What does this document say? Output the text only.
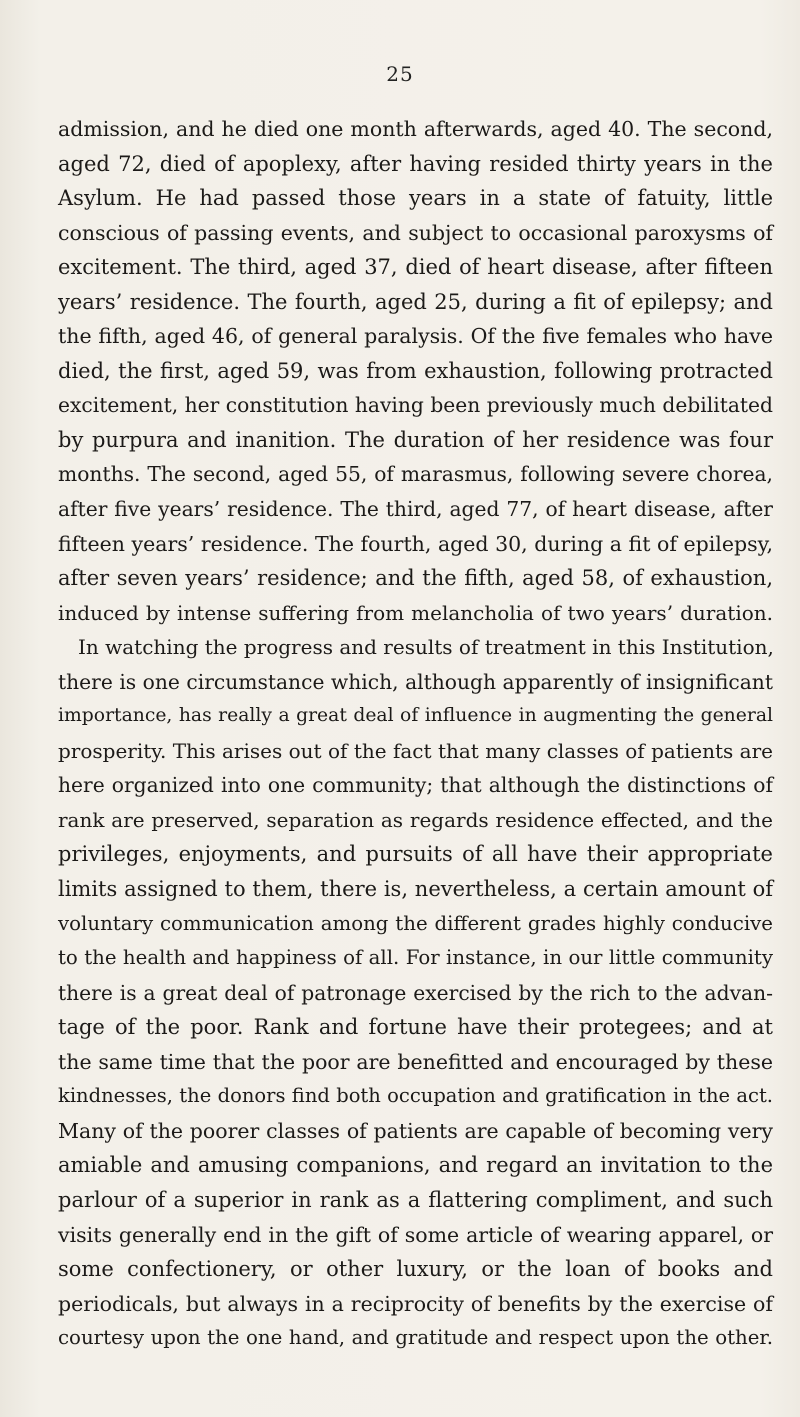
25
admission, and he died one month afterwards, aged 40. The second,
aged 72, died of apoplexy, after having resided thirty years in the
Asylum. He had passed those years in a state of fatuity, little
conscious of passing events, and subject to occasional paroxysms of
excitement. The third, aged 37, died of heart disease, after fifteen
years’ residence. The fourth, aged 25, during a fit of epilepsy; and
the fifth, aged 46, of general paralysis. Of the five females who have
died, the first, aged 59, was from exhaustion, following protracted
excitement, her constitution having been previously much debilitated
by purpura and inanition. The duration of her residence was four
months. The second, aged 55, of marasmus, following severe chorea,
after five years’ residence. The third, aged 77, of heart disease, after
fifteen years’ residence. The fourth, aged 30, during a fit of epilepsy,
after seven years’ residence; and the fifth, aged 58, of exhaustion,
induced by intense suffering from melancholia of two years’ duration.
In watching the progress and results of treatment in this Institution,
there is one circumstance which, although apparently of insignificant
importance, has really a great deal of influence in augmenting the general
prosperity. This arises out of the fact that many classes of patients are
here organized into one community; that although the distinctions of
rank are preserved, separation as regards residence effected, and the
privileges, enjoyments, and pursuits of all have their appropriate
limits assigned to them, there is, nevertheless, a certain amount of
voluntary communication among the different grades highly conducive
to the health and happiness of all. For instance, in our little community
there is a great deal of patronage exercised by the rich to the advan-
tage of the poor. Rank and fortune have their protegees; and at
the same time that the poor are benefitted and encouraged by these
kindnesses, the donors find both occupation and gratification in the act.
Many of the poorer classes of patients are capable of becoming very
amiable and amusing companions, and regard an invitation to the
parlour of a superior in rank as a flattering compliment, and such
visits generally end in the gift of some article of wearing apparel, or
some confectionery, or other luxury, or the loan of books and
periodicals, but always in a reciprocity of benefits by the exercise of
courtesy upon the one hand, and gratitude and respect upon the other.
